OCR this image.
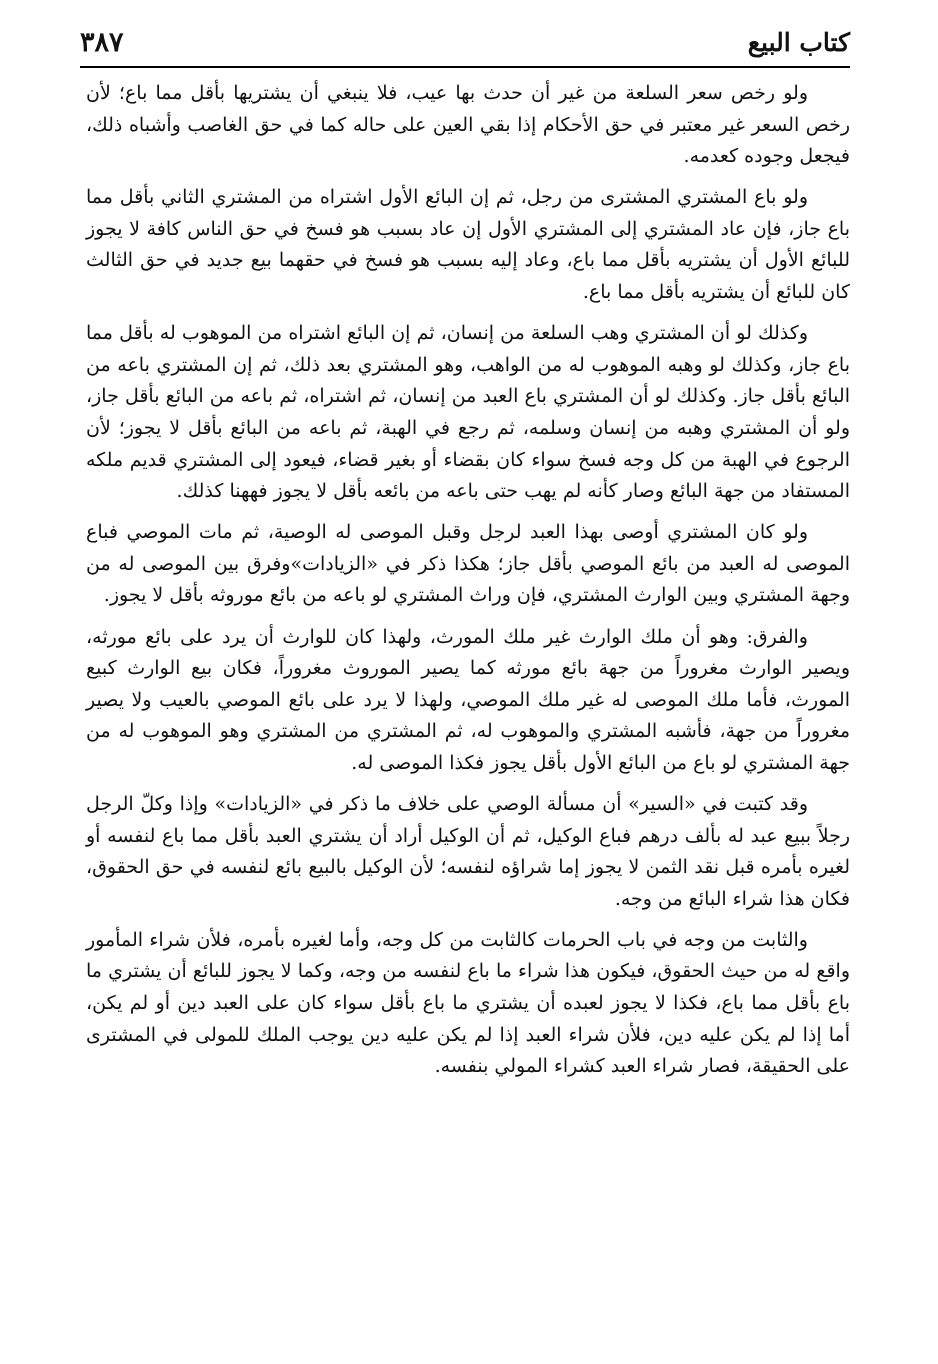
كتاب البيع
٣٨٧

ولو رخص سعر السلعة من غير أن حدث بها عيب، فلا ينبغي أن يشتريها بأقل مما باع؛ لأن رخص السعر غير معتبر في حق الأحكام إذا بقي العين على حاله كما في حق الغاصب وأشباه ذلك، فيجعل وجوده كعدمه.

ولو باع المشتري المشترى من رجل، ثم إن البائع الأول اشتراه من المشتري الثاني بأقل مما باع جاز، فإن عاد المشتري إلى المشتري الأول إن عاد بسبب هو فسخ في حق الناس كافة لا يجوز للبائع الأول أن يشتريه بأقل مما باع، وعاد إليه بسبب هو فسخ في حقهما بيع جديد في حق الثالث كان للبائع أن يشتريه بأقل مما باع.

وكذلك لو أن المشتري وهب السلعة من إنسان، ثم إن البائع اشتراه من الموهوب له بأقل مما باع جاز، وكذلك لو وهبه الموهوب له من الواهب، وهو المشتري بعد ذلك، ثم إن المشتري باعه من البائع بأقل جاز. وكذلك لو أن المشتري باع العبد من إنسان، ثم اشتراه، ثم باعه من البائع بأقل جاز، ولو أن المشتري وهبه من إنسان وسلمه، ثم رجع في الهبة، ثم باعه من البائع بأقل لا يجوز؛ لأن الرجوع في الهبة من كل وجه فسخ سواء كان بقضاء أو بغير قضاء، فيعود إلى المشتري قديم ملكه المستفاد من جهة البائع وصار كأنه لم يهب حتى باعه من بائعه بأقل لا يجوز فههنا كذلك.

ولو كان المشتري أوصى بهذا العبد لرجل وقبل الموصى له الوصية، ثم مات الموصي فباع الموصى له العبد من بائع الموصي بأقل جاز؛ هكذا ذكر في «الزيادات»وفرق بين الموصى له من وجهة المشتري وبين الوارث المشتري، فإن وراث المشتري لو باعه من بائع موروثه بأقل لا يجوز.

والفرق: وهو أن ملك الوارث غير ملك المورث، ولهذا كان للوارث أن يرد على بائع مورثه، ويصير الوارث مغروراً من جهة بائع مورثه كما يصير الموروث مغروراً، فكان بيع الوارث كبيع المورث، فأما ملك الموصى له غير ملك الموصي، ولهذا لا يرد على بائع الموصي بالعيب ولا يصير مغروراً من جهة، فأشبه المشتري والموهوب له، ثم المشتري من المشتري وهو الموهوب له من جهة المشتري لو باع من البائع الأول بأقل يجوز فكذا الموصى له.

وقد كتبت في «السير» أن مسألة الوصي على خلاف ما ذكر في «الزيادات» وإذا وكلّ الرجل رجلاً ببيع عبد له بألف درهم فباع الوكيل، ثم أن الوكيل أراد أن يشتري العبد بأقل مما باع لنفسه أو لغيره بأمره قبل نقد الثمن لا يجوز إما شراؤه لنفسه؛ لأن الوكيل بالبيع بائع لنفسه في حق الحقوق، فكان هذا شراء البائع من وجه.

والثابت من وجه في باب الحرمات كالثابت من كل وجه، وأما لغيره بأمره، فلأن شراء المأمور واقع له من حيث الحقوق، فيكون هذا شراء ما باع لنفسه من وجه، وكما لا يجوز للبائع أن يشتري ما باع بأقل مما باع، فكذا لا يجوز لعبده أن يشتري ما باع بأقل سواء كان على العبد دين أو لم يكن، أما إذا لم يكن عليه دين، فلأن شراء العبد إذا لم يكن عليه دين يوجب الملك للمولى في المشترى على الحقيقة، فصار شراء العبد كشراء المولي بنفسه.
